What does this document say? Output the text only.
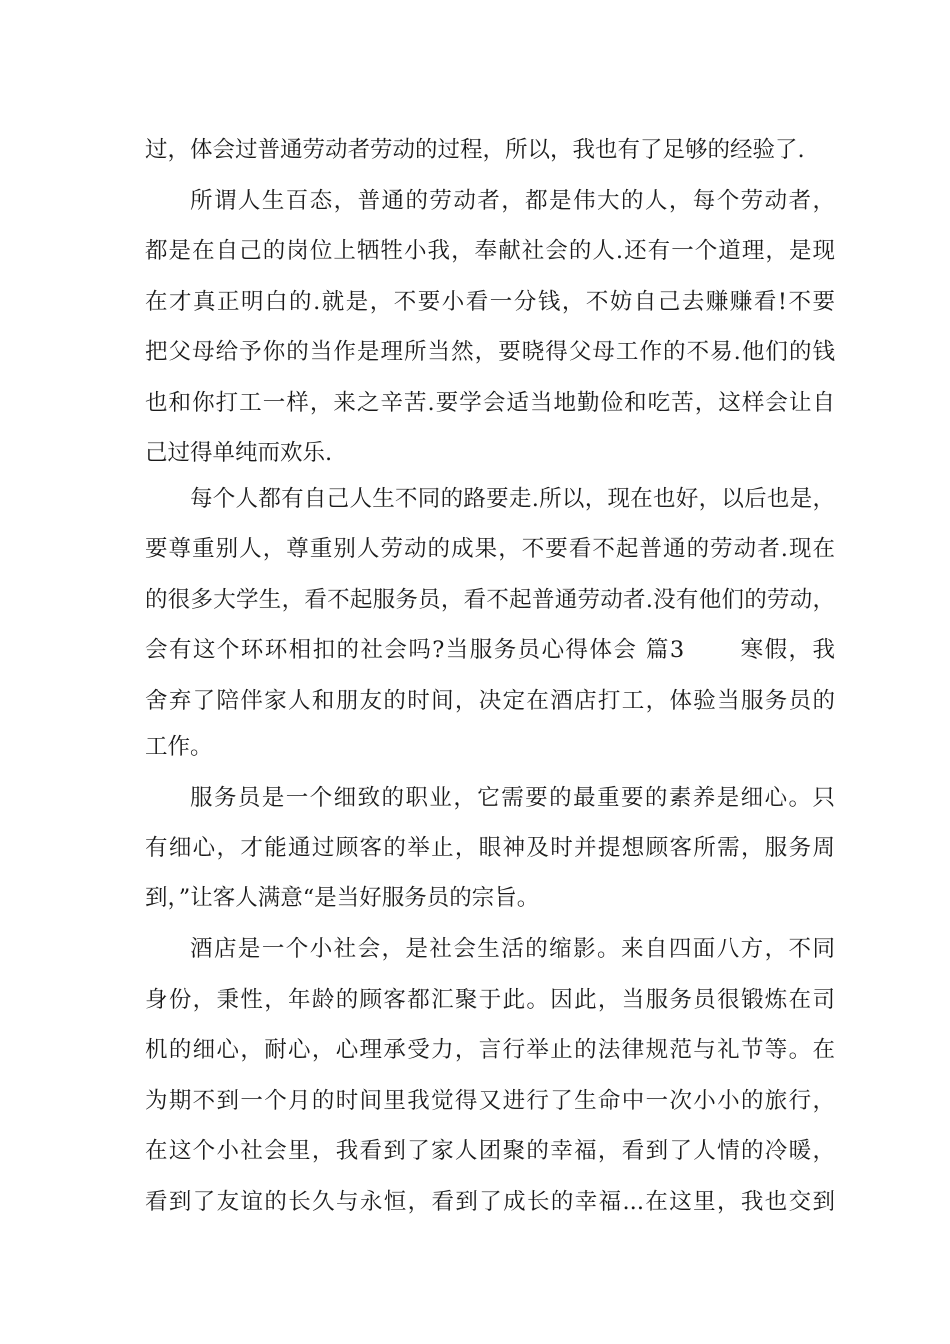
过，体会过普通劳动者劳动的过程，所以，我也有了足够的经验了.
所谓人生百态，普通的劳动者，都是伟大的人，每个劳动者，
都是在自己的岗位上牺牲小我，奉献社会的人.还有一个道理，是现
在才真正明白的.就是，不要小看一分钱，不妨自己去赚赚看!不要
把父母给予你的当作是理所当然，要晓得父母工作的不易.他们的钱
也和你打工一样，来之辛苦.要学会适当地勤俭和吃苦，这样会让自
己过得单纯而欢乐.
每个人都有自己人生不同的路要走.所以，现在也好，以后也是，
要尊重别人，尊重别人劳动的成果，不要看不起普通的劳动者.现在
的很多大学生，看不起服务员，看不起普通劳动者.没有他们的劳动，
会有这个环环相扣的社会吗?当服务员心得体会 篇3 　　寒假，我
舍弃了陪伴家人和朋友的时间，决定在酒店打工，体验当服务员的
工作。
服务员是一个细致的职业，它需要的最重要的素养是细心。只
有细心，才能通过顾客的举止，眼神及时并提想顾客所需，服务周
到，”让客人满意“是当好服务员的宗旨。
酒店是一个小社会，是社会生活的缩影。来自四面八方，不同
身份，秉性，年龄的顾客都汇聚于此。因此，当服务员很锻炼在司
机的细心，耐心，心理承受力，言行举止的法律规范与礼节等。在
为期不到一个月的时间里我觉得又进行了生命中一次小小的旅行，
在这个小社会里，我看到了家人团聚的幸福，看到了人情的冷暖，
看到了友谊的长久与永恒，看到了成长的幸福...在这里，我也交到
